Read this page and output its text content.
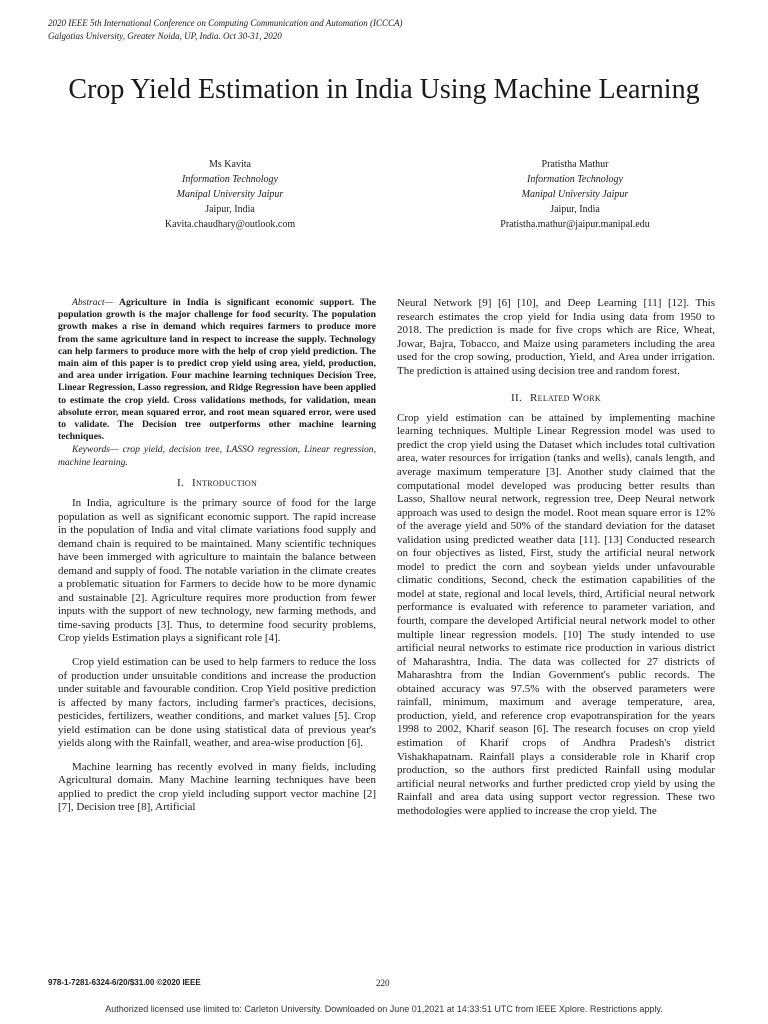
2020 IEEE 5th International Conference on Computing Communication and Automation (ICCCA)
Galgotias University, Greater Noida, UP, India. Oct 30-31, 2020
Crop Yield Estimation in India Using Machine Learning
Ms Kavita
Information Technology
Manipal University Jaipur
Jaipur, India
Kavita.chaudhary@outlook.com
Pratistha Mathur
Information Technology
Manipal University Jaipur
Jaipur, India
Pratistha.mathur@jaipur.manipal.edu

Abstract— Agriculture in India is significant economic support. The population growth is the major challenge for food security. The population growth makes a rise in demand which requires farmers to produce more from the same agriculture land in respect to increase the supply. Technology can help farmers to produce more with the help of crop yield prediction. The main aim of this paper is to predict crop yield using area, yield, production, and area under irrigation. Four machine learning techniques Decision Tree, Linear Regression, Lasso regression, and Ridge Regression have been applied to estimate the crop yield. Cross validations methods, for validation, mean absolute error, mean squared error, and root mean squared error, were used to validate. The Decision tree outperforms other machine learning techniques.

Keywords— crop yield, decision tree, LASSO regression, Linear regression, machine learning.

I. Introduction

In India, agriculture is the primary source of food for the large population as well as significant economic support. The rapid increase in the population of India and vital climate variations food supply and demand chain is required to be maintained. Many scientific techniques have been immerged with agriculture to maintain the balance between demand and supply of food. The notable variation in the climate creates a problematic situation for Farmers to decide how to be more dynamic and sustainable [2]. Agriculture requires more production from fewer inputs with the support of new technology, new farming methods, and time-saving products [3]. Thus, to determine food security problems, Crop yields Estimation plays a significant role [4].

Crop yield estimation can be used to help farmers to reduce the loss of production under unsuitable conditions and increase the production under suitable and favourable condition. Crop Yield positive prediction is affected by many factors, including farmer's practices, decisions, pesticides, fertilizers, weather conditions, and market values [5]. Crop yield estimation can be done using statistical data of previous year's yields along with the Rainfall, weather, and area-wise production [6].

Machine learning has recently evolved in many fields, including Agricultural domain. Many Machine learning techniques have been applied to predict the crop yield including support vector machine [2] [7], Decision tree [8], Artificial

Neural Network [9] [6] [10], and Deep Learning [11] [12]. This research estimates the crop yield for India using data from 1950 to 2018. The prediction is made for five crops which are Rice, Wheat, Jowar, Bajra, Tobacco, and Maize using parameters including the area used for the crop sowing, production, Yield, and Area under irrigation. The prediction is attained using decision tree and random forest.

II. Related Work

Crop yield estimation can be attained by implementing machine learning techniques. Multiple Linear Regression model was used to predict the crop yield using the Dataset which includes total cultivation area, water resources for irrigation (tanks and wells), canals length, and average maximum temperature [3]. Another study claimed that the computational model developed was producing better results than Lasso, Shallow neural network, regression tree, Deep Neural network approach was used to design the model. Root mean square error is 12% of the average yield and 50% of the standard deviation for the dataset validation using predicted weather data [11]. [13] Conducted research on four objectives as listed, First, study the artificial neural network model to predict the corn and soybean yields under unfavourable climatic conditions, Second, check the estimation capabilities of the model at state, regional and local levels, third, Artificial neural network performance is evaluated with reference to parameter variation, and fourth, compare the developed Artificial neural network model to other multiple linear regression models. [10] The study intended to use artificial neural networks to estimate rice production in various district of Maharashtra, India. The data was collected for 27 districts of Maharashtra from the Indian Government's public records. The obtained accuracy was 97.5% with the observed parameters were rainfall, minimum, maximum and average temperature, area, production, yield, and reference crop evapotranspiration for the years 1998 to 2002, Kharif season [6]. The research focuses on crop yield estimation of Kharif crops of Andhra Pradesh's district Vishakhapatnam. Rainfall plays a considerable role in Kharif crop production, so the authors first predicted Rainfall using modular artificial neural networks and further predicted crop yield by using the Rainfall and area data using support vector regression. These two methodologies were applied to increase the crop yield. The

978-1-7281-6324-6/20/$31.00 ©2020 IEEE	220
Authorized licensed use limited to: Carleton University. Downloaded on June 01,2021 at 14:33:51 UTC from IEEE Xplore. Restrictions apply.
